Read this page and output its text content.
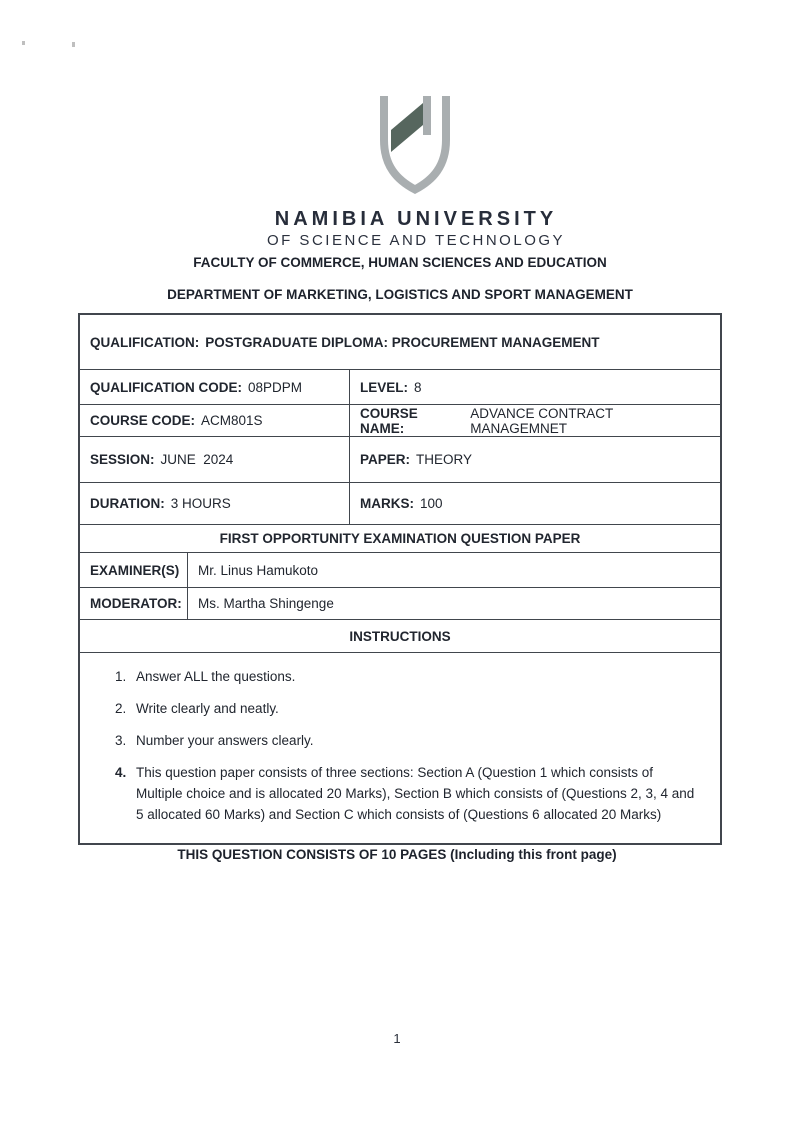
NAMIBIA UNIVERSITY
OF SCIENCE AND TECHNOLOGY
FACULTY OF COMMERCE, HUMAN SCIENCES AND EDUCATION
DEPARTMENT OF MARKETING, LOGISTICS AND SPORT MANAGEMENT
QUALIFICATION: POSTGRADUATE DIPLOMA: PROCUREMENT MANAGEMENT
QUALIFICATION CODE: 08PDPM	LEVEL: 8
COURSE CODE: ACM801S	COURSE NAME:
ADVANCE CONTRACT MANAGEMNET
SESSION: JUNE  2024	PAPER: THEORY
DURATION: 3 HOURS	MARKS: 100
FIRST OPPORTUNITY EXAMINATION QUESTION PAPER
EXAMINER(S) Mr. Linus Hamukoto
MODERATOR: Ms. Martha Shingenge
INSTRUCTIONS
1. Answer ALL the questions.
2. Write clearly and neatly.
3. Number your answers clearly.
4. This question paper consists of three sections: Section A (Question 1 which consists of Multiple choice and is allocated 20 Marks), Section B which consists of (Questions 2, 3, 4 and 5 allocated 60 Marks) and Section C which consists of (Questions 6 allocated 20 Marks)
THIS QUESTION CONSISTS OF 10 PAGES (Including this front page)
1
